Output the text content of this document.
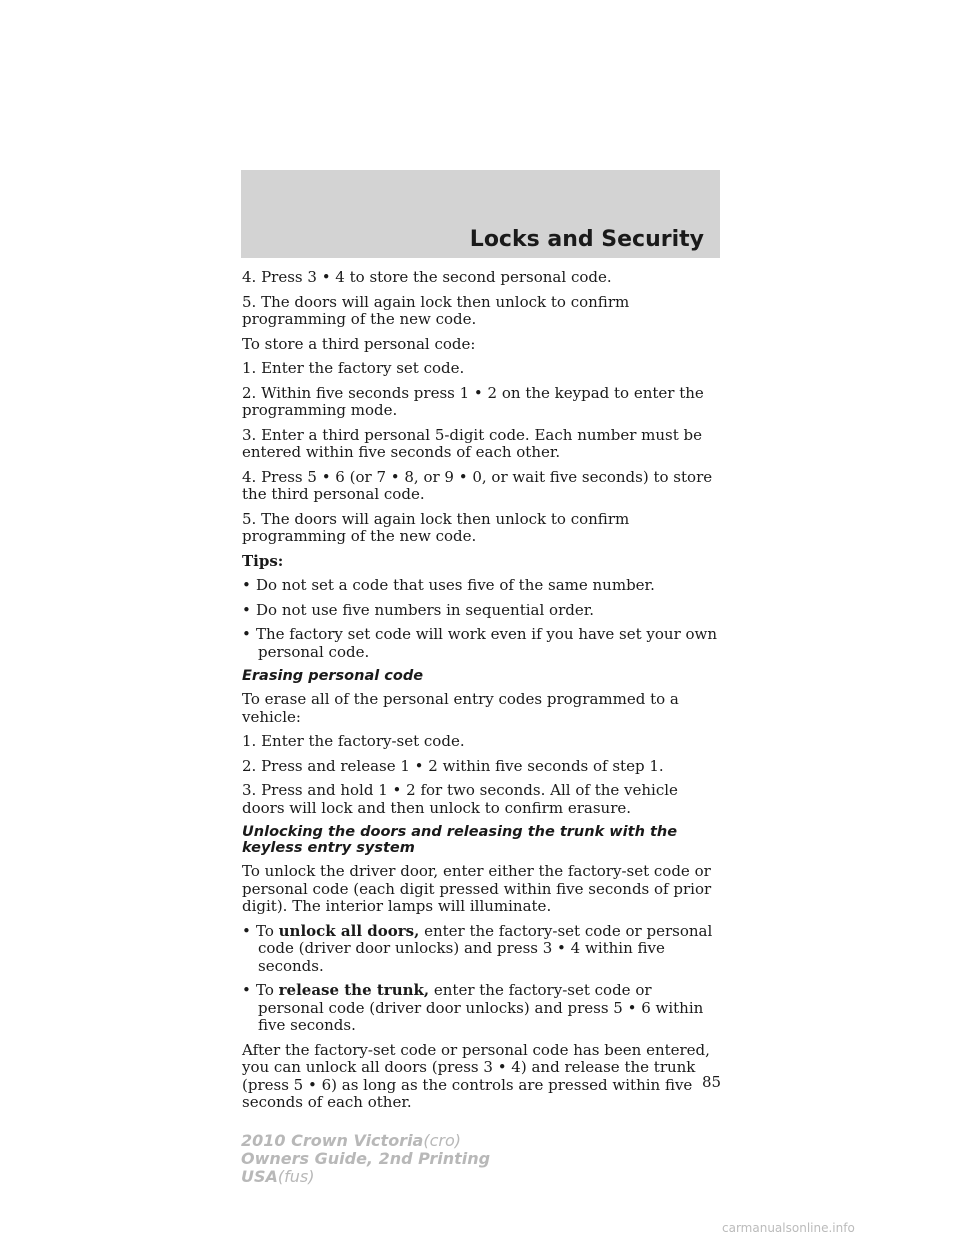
Locks and Security

4. Press 3 • 4 to store the second personal code.

5. The doors will again lock then unlock to confirm programming of the new code.

To store a third personal code:

1. Enter the factory set code.

2. Within five seconds press 1 • 2 on the keypad to enter the programming mode.

3. Enter a third personal 5-digit code. Each number must be entered within five seconds of each other.

4. Press 5 • 6 (or 7 • 8, or 9 • 0, or wait five seconds) to store the third personal code.

5. The doors will again lock then unlock to confirm programming of the new code.

Tips:

• Do not set a code that uses five of the same number.
• Do not use five numbers in sequential order.
• The factory set code will work even if you have set your own personal code.
Erasing personal code

To erase all of the personal entry codes programmed to a vehicle:

1. Enter the factory-set code.

2. Press and release 1 • 2 within five seconds of step 1.

3. Press and hold 1 • 2 for two seconds. All of the vehicle doors will lock and then unlock to confirm erasure.

Unlocking the doors and releasing the trunk with the keyless entry system

To unlock the driver door, enter either the factory-set code or personal code (each digit pressed within five seconds of prior digit). The interior lamps will illuminate.

• To unlock all doors, enter the factory-set code or personal code (driver door unlocks) and press 3 • 4 within five seconds.
• To release the trunk, enter the factory-set code or personal code (driver door unlocks) and press 5 • 6 within five seconds.

After the factory-set code or personal code has been entered, you can unlock all doors (press 3 • 4) and release the trunk (press 5 • 6) as long as the controls are pressed within five seconds of each other.

85
2010 Crown Victoria(cro)
Owners Guide, 2nd Printing
USA(fus)
carmanualsonline.info
